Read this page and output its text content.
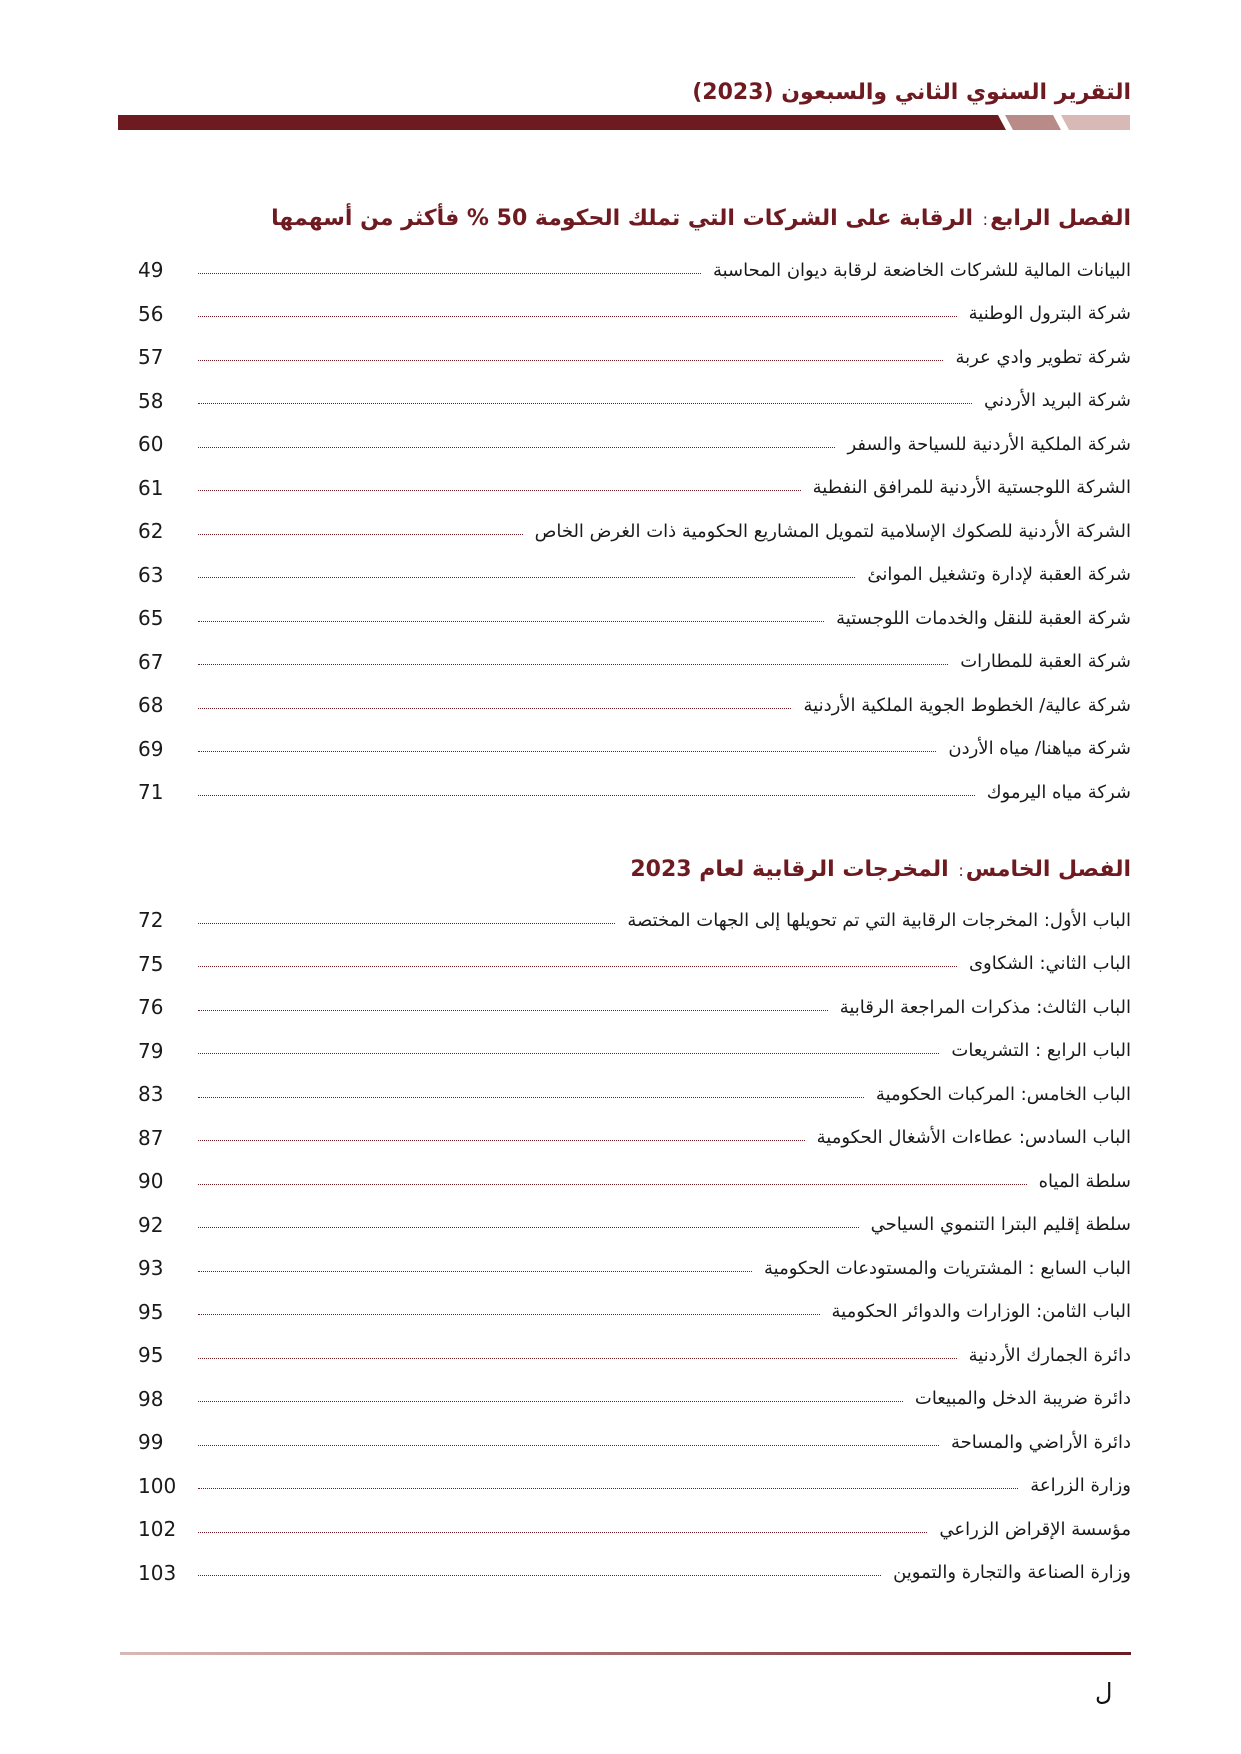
التقرير السنوي الثاني والسبعون (2023)
الفصل الرابع: الرقابة على الشركات التي تملك الحكومة 50 % فأكثر من أسهمها
البيانات المالية للشركات الخاضعة لرقابة ديوان المحاسبة
49
شركة البترول الوطنية
56
شركة تطوير وادي عربة
57
شركة البريد الأردني
58
شركة الملكية الأردنية للسياحة والسفر
60
الشركة اللوجستية الأردنية للمرافق النفطية
61
الشركة الأردنية للصكوك الإسلامية لتمويل المشاريع الحكومية ذات الغرض الخاص
62
شركة العقبة لإدارة وتشغيل الموانئ
63
شركة العقبة للنقل والخدمات اللوجستية
65
شركة العقبة للمطارات
67
شركة عالية/ الخطوط الجوية الملكية الأردنية
68
شركة مياهنا/ مياه الأردن
69
شركة مياه اليرموك
71
الفصل الخامس: المخرجات الرقابية لعام 2023
الباب الأول: المخرجات الرقابية التي تم تحويلها إلى الجهات المختصة
72
الباب الثاني: الشكاوى
75
الباب الثالث: مذكرات المراجعة الرقابية
76
الباب الرابع : التشريعات
79
الباب الخامس: المركبات الحكومية
83
الباب السادس: عطاءات الأشغال الحكومية
87
سلطة المياه
90
سلطة إقليم البترا التنموي السياحي
92
الباب السابع : المشتريات والمستودعات الحكومية
93
الباب الثامن: الوزارات والدوائر الحكومية
95
دائرة الجمارك الأردنية
95
دائرة ضريبة الدخل والمبيعات
98
دائرة الأراضي والمساحة
99
وزارة الزراعة
100
مؤسسة الإقراض الزراعي
102
وزارة الصناعة والتجارة والتموين
103
ل
